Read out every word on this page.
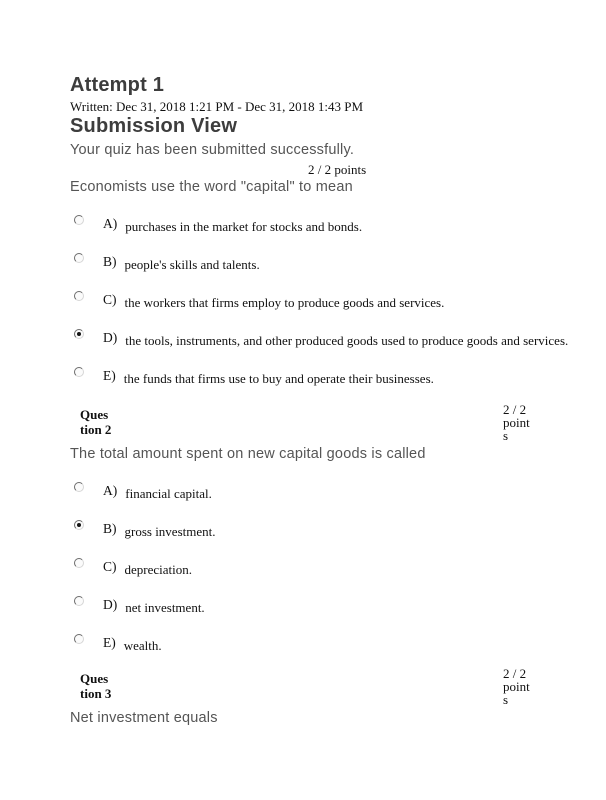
Attempt 1
Written: Dec 31, 2018 1:21 PM - Dec 31, 2018 1:43 PM
Submission View
Your quiz has been submitted successfully.
2 / 2 points
Economists use the word "capital" to mean
A) purchases in the market for stocks and bonds.
B) people's skills and talents.
C) the workers that firms employ to produce goods and services.
D) the tools, instruments, and other produced goods used to produce goods and services.
E) the funds that firms use to buy and operate their businesses.
Ques
tion 2
2 / 2
point
s
The total amount spent on new capital goods is called
A) financial capital.
B) gross investment.
C) depreciation.
D) net investment.
E) wealth.
Ques
tion 3
2 / 2
point
s
Net investment equals
